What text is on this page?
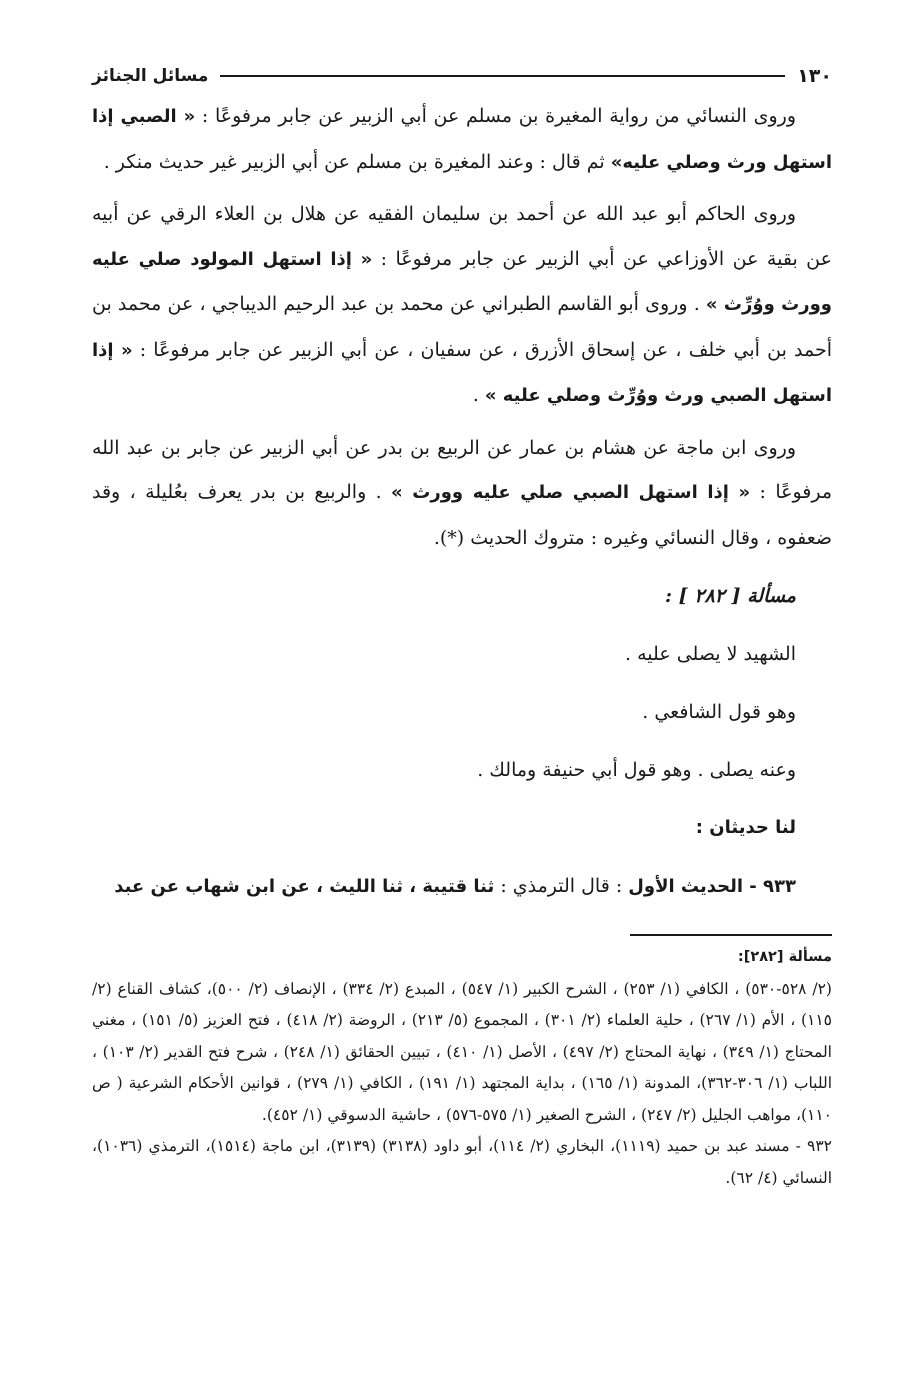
١٣٠
مسائل الجنائز

وروى النسائي من رواية المغيرة بن مسلم عن أبي الزبير عن جابر مرفوعًا : « الصبي إذا استهل ورث وصلي عليه» ثم قال : وعند المغيرة بن مسلم عن أبي الزبير غير حديث منكر .

وروى الحاكم أبو عبد الله عن أحمد بن سليمان الفقيه عن هلال بن العلاء الرقي عن أبيه عن بقية عن الأوزاعي عن أبي الزبير عن جابر مرفوعًا : « إذا استهل المولود صلي عليه وورث ووُرِّث » . وروى أبو القاسم الطبراني عن محمد بن عبد الرحيم الديباجي ، عن محمد بن أحمد بن أبي خلف ، عن إسحاق الأزرق ، عن سفيان ، عن أبي الزبير عن جابر مرفوعًا : « إذا استهل الصبي ورث ووُرِّث وصلي عليه » .

وروى ابن ماجة عن هشام بن عمار عن الربيع بن بدر عن أبي الزبير عن جابر بن عبد الله مرفوعًا : « إذا استهل الصبي صلي عليه وورث » . والربيع بن بدر يعرف بعُليلة ، وقد ضعفوه ، وقال النسائي وغيره : متروك الحديث (*).

مسألة [ ٢٨٢ ] :

الشهيد لا يصلى عليه .

وهو قول الشافعي .

وعنه يصلى . وهو قول أبي حنيفة ومالك .

لنا حديثان :

٩٣٣ - الحديث الأول : قال الترمذي : ثنا قتيبة ، ثنا الليث ، عن ابن شهاب عن عبد

مسألة [٢٨٢]:

(٢/ ٥٢٨-٥٣٠) ، الكافي (١/ ٢٥٣) ، الشرح الكبير (١/ ٥٤٧) ، المبدع (٢/ ٣٣٤) ، الإنصاف (٢/ ٥٠٠)، كشاف القناع (٢/ ١١٥) ، الأم (١/ ٢٦٧) ، حلية العلماء (٢/ ٣٠١) ، المجموع (٥/ ٢١٣) ، الروضة (٢/ ٤١٨) ، فتح العزيز (٥/ ١٥١) ، مغني المحتاج (١/ ٣٤٩) ، نهاية المحتاج (٢/ ٤٩٧) ، الأصل (١/ ٤١٠) ، تبيين الحقائق (١/ ٢٤٨) ، شرح فتح القدير (٢/ ١٠٣) ، اللباب (١/ ٣٠٦-٣٦٢)، المدونة (١/ ١٦٥) ، بداية المجتهد (١/ ١٩١) ، الكافي (١/ ٢٧٩) ، قوانين الأحكام الشرعية ( ص ١١٠)، مواهب الجليل (٢/ ٢٤٧) ، الشرح الصغير (١/ ٥٧٥-٥٧٦) ، حاشية الدسوقي (١/ ٤٥٢).

٩٣٢ - مسند عبد بن حميد (١١١٩)، البخاري (٢/ ١١٤)، أبو داود (٣١٣٨) (٣١٣٩)، ابن ماجة (١٥١٤)، الترمذي (١٠٣٦)، النسائي (٤/ ٦٢).
